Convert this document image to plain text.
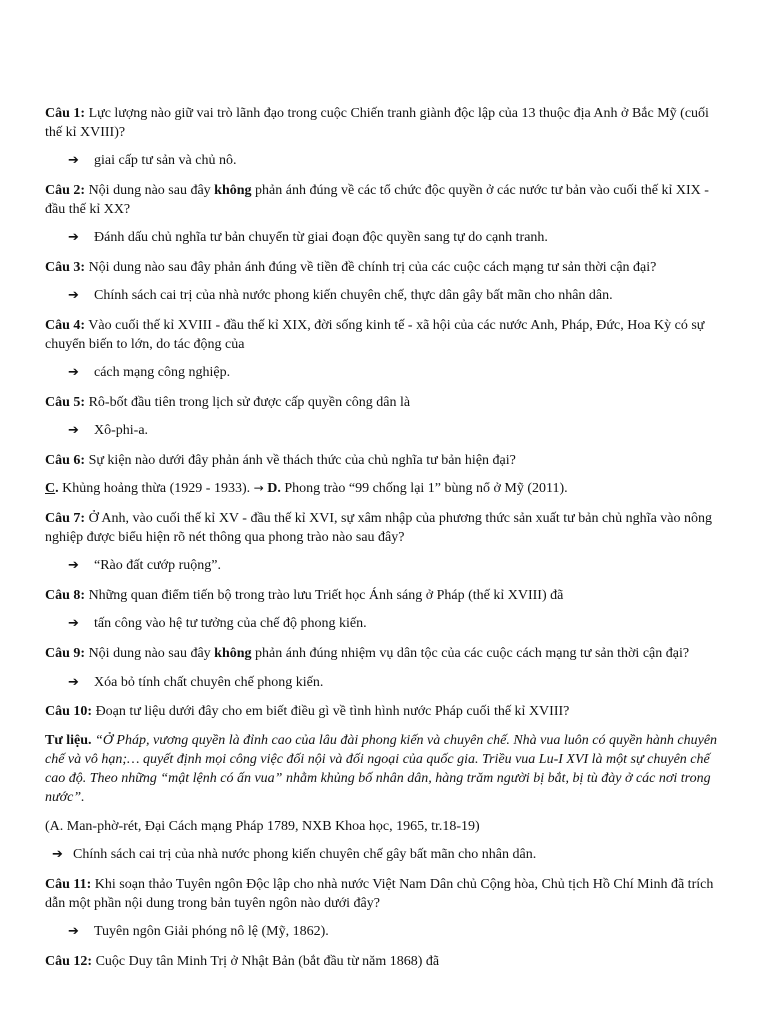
Câu 1: Lực lượng nào giữ vai trò lãnh đạo trong cuộc Chiến tranh giành độc lập của 13 thuộc địa Anh ở Bắc Mỹ (cuối thế kỉ XVIII)?

➔ giai cấp tư sản và chủ nô.

Câu 2: Nội dung nào sau đây không phản ánh đúng về các tổ chức độc quyền ở các nước tư bản vào cuối thế kỉ XIX - đầu thế kỉ XX?

➔ Đánh dấu chủ nghĩa tư bản chuyển từ giai đoạn độc quyền sang tự do cạnh tranh.

Câu 3: Nội dung nào sau đây phản ánh đúng về tiền đề chính trị của các cuộc cách mạng tư sản thời cận đại?

➔ Chính sách cai trị của nhà nước phong kiến chuyên chế, thực dân gây bất mãn cho nhân dân.

Câu 4: Vào cuối thế kỉ XVIII - đầu thế kỉ XIX, đời sống kinh tế - xã hội của các nước Anh, Pháp, Đức, Hoa Kỳ có sự chuyển biến to lớn, do tác động của

➔ cách mạng công nghiệp.

Câu 5: Rô-bốt đầu tiên trong lịch sử được cấp quyền công dân là

➔ Xô-phi-a.

Câu 6: Sự kiện nào dưới đây phản ánh về thách thức của chủ nghĩa tư bản hiện đại?

C. Khủng hoảng thừa (1929 - 1933). → D. Phong trào “99 chống lại 1” bùng nổ ở Mỹ (2011).

Câu 7: Ở Anh, vào cuối thế kỉ XV - đầu thế kỉ XVI, sự xâm nhập của phương thức sản xuất tư bản chủ nghĩa vào nông nghiệp được biểu hiện rõ nét thông qua phong trào nào sau đây?

➔ “Rào đất cướp ruộng”.

Câu 8: Những quan điểm tiến bộ trong trào lưu Triết học Ánh sáng ở Pháp (thế kỉ XVIII) đã

➔ tấn công vào hệ tư tưởng của chế độ phong kiến.

Câu 9: Nội dung nào sau đây không phản ánh đúng nhiệm vụ dân tộc của các cuộc cách mạng tư sản thời cận đại?

➔ Xóa bỏ tính chất chuyên chế phong kiến.

Câu 10: Đoạn tư liệu dưới đây cho em biết điều gì về tình hình nước Pháp cuối thế kỉ XVIII?

Tư liệu. “Ở Pháp, vương quyền là đỉnh cao của lâu đài phong kiến và chuyên chế. Nhà vua luôn có quyền hành chuyên chế và vô hạn;… quyết định mọi công việc đối nội và đối ngoại của quốc gia. Triều vua Lu-I XVI là một sự chuyên chế cao độ. Theo những “mật lệnh có ấn vua” nhằm khủng bố nhân dân, hàng trăm người bị bắt, bị tù đày ở các nơi trong nước”.

(A. Man-phờ-rét, Đại Cách mạng Pháp 1789, NXB Khoa học, 1965, tr.18-19)

➔ Chính sách cai trị của nhà nước phong kiến chuyên chế gây bất mãn cho nhân dân.

Câu 11: Khi soạn thảo Tuyên ngôn Độc lập cho nhà nước Việt Nam Dân chủ Cộng hòa, Chủ tịch Hồ Chí Minh đã trích dẫn một phần nội dung trong bản tuyên ngôn nào dưới đây?

➔ Tuyên ngôn Giải phóng nô lệ (Mỹ, 1862).

Câu 12: Cuộc Duy tân Minh Trị ở Nhật Bản (bắt đầu từ năm 1868) đã
